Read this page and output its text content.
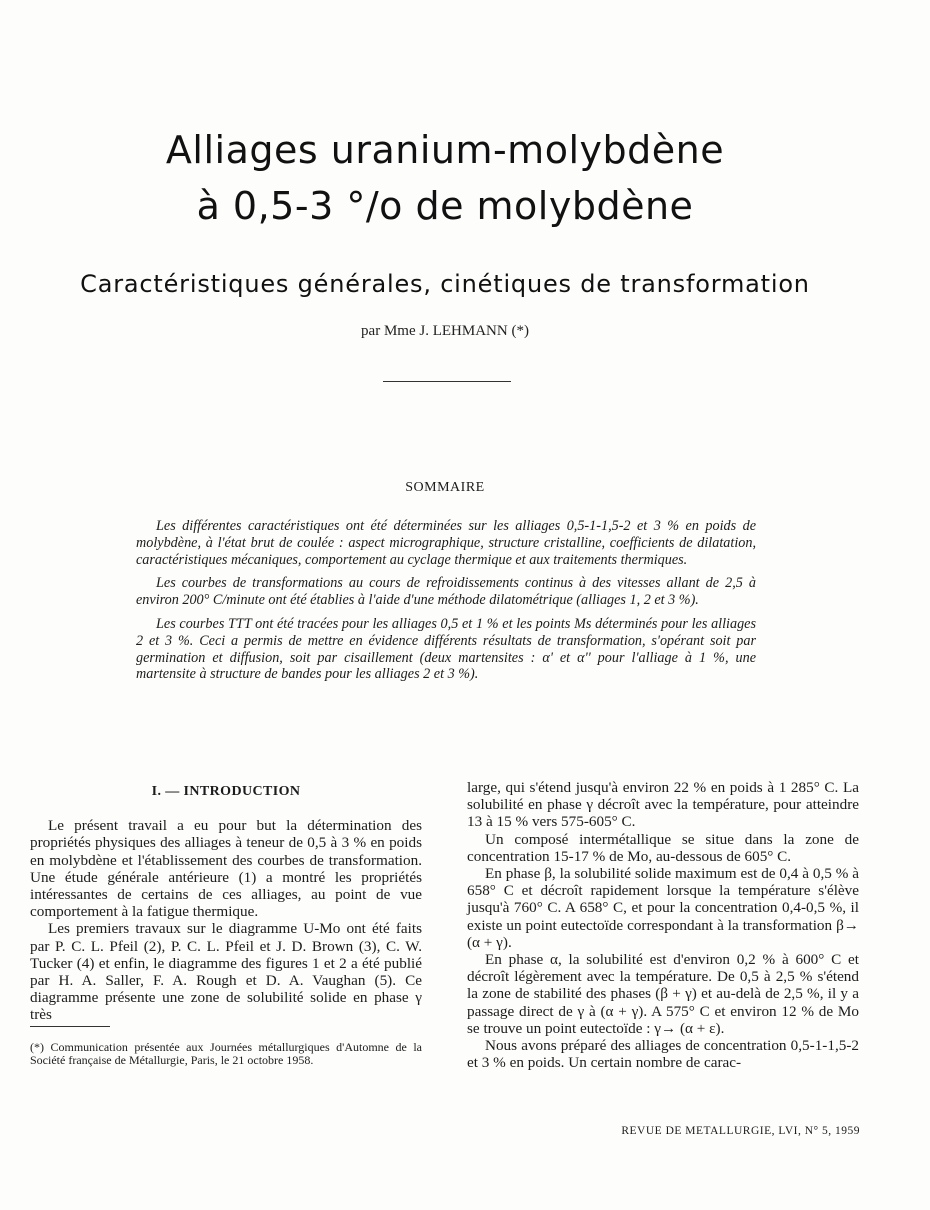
Alliages uranium-molybdène
à 0,5-3 °/o de molybdène
Caractéristiques générales, cinétiques de transformation
par Mme J. LEHMANN (*)
SOMMAIRE

Les différentes caractéristiques ont été déterminées sur les alliages 0,5-1-1,5-2 et 3 % en poids de molybdène, à l'état brut de coulée : aspect micrographique, structure cristalline, coefficients de dilatation, caractéristiques mécaniques, comportement au cyclage thermique et aux traitements thermiques.

Les courbes de transformations au cours de refroidissements continus à des vitesses allant de 2,5 à environ 200° C/minute ont été établies à l'aide d'une méthode dilatométrique (alliages 1, 2 et 3 %).

Les courbes TTT ont été tracées pour les alliages 0,5 et 1 % et les points Ms déterminés pour les alliages 2 et 3 %. Ceci a permis de mettre en évidence différents résultats de transformation, s'opérant soit par germination et diffusion, soit par cisaillement (deux martensites : α' et α'' pour l'alliage à 1 %, une martensite à structure de bandes pour les alliages 2 et 3 %).

I. — INTRODUCTION

Le présent travail a eu pour but la détermination des propriétés physiques des alliages à teneur de 0,5 à 3 % en poids en molybdène et l'établissement des courbes de transformation. Une étude générale antérieure (1) a montré les propriétés intéressantes de certains de ces alliages, au point de vue comportement à la fatigue thermique.

Les premiers travaux sur le diagramme U-Mo ont été faits par P. C. L. Pfeil (2), P. C. L. Pfeil et J. D. Brown (3), C. W. Tucker (4) et enfin, le diagramme des figures 1 et 2 a été publié par H. A. Saller, F. A. Rough et D. A. Vaughan (5). Ce diagramme présente une zone de solubilité solide en phase γ très

large, qui s'étend jusqu'à environ 22 % en poids à 1 285° C. La solubilité en phase γ décroît avec la température, pour atteindre 13 à 15 % vers 575-605° C.

Un composé intermétallique se situe dans la zone de concentration 15-17 % de Mo, au-dessous de 605° C.

En phase β, la solubilité solide maximum est de 0,4 à 0,5 % à 658° C et décroît rapidement lorsque la température s'élève jusqu'à 760° C. A 658° C, et pour la concentration 0,4-0,5 %, il existe un point eutectoïde correspondant à la transformation β→ (α + γ).

En phase α, la solubilité est d'environ 0,2 % à 600° C et décroît légèrement avec la température. De 0,5 à 2,5 % s'étend la zone de stabilité des phases (β + γ) et au-delà de 2,5 %, il y a passage direct de γ à (α + γ). A 575° C et environ 12 % de Mo se trouve un point eutectoïde : γ→ (α + ε).

Nous avons préparé des alliages de concentration 0,5-1-1,5-2 et 3 % en poids. Un certain nombre de carac-

(*) Communication présentée aux Journées métallurgiques d'Automne de la Société française de Métallurgie, Paris, le 21 octobre 1958.
REVUE DE METALLURGIE, LVI, N° 5, 1959
